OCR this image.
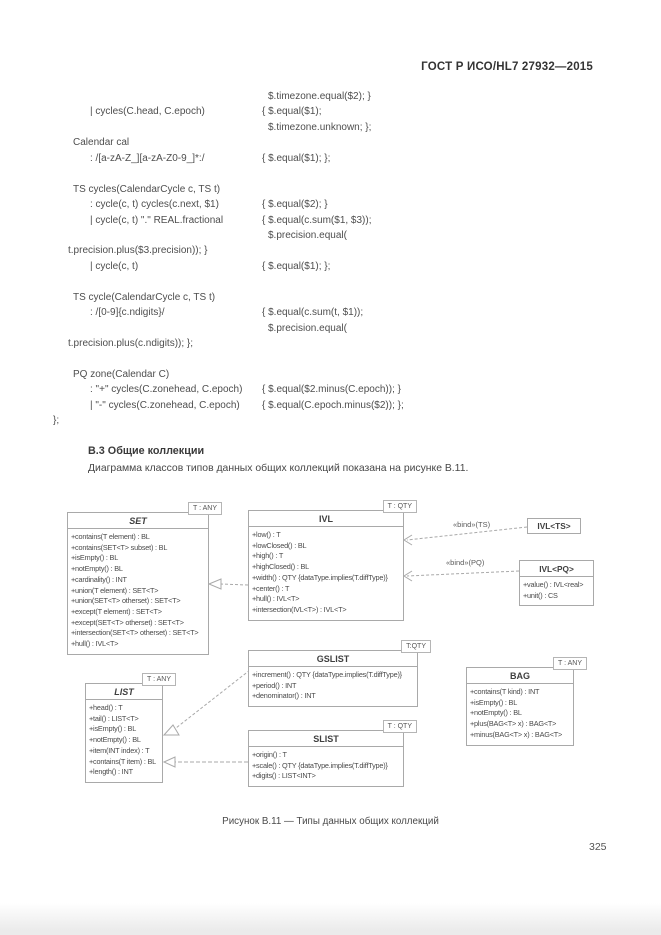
ГОСТ Р ИСО/HL7 27932—2015
$.timezone.equal($2); }
| cycles(C.head, C.epoch)	{ $.equal($1);
$.timezone.unknown; };
Calendar cal
: /[a-zA-Z_][a-zA-Z0-9_]*:/	{ $.equal($1); };
TS cycles(CalendarCycle c, TS t)
: cycle(c, t) cycles(c.next, $1)	{ $.equal($2); }
| cycle(c, t) "." REAL.fractional	{ $.equal(c.sum($1, $3));
$.precision.equal(
t.precision.plus($3.precision)); }
| cycle(c, t)	{ $.equal($1); };
TS cycle(CalendarCycle c, TS t)
: /[0-9]{c.ndigits}/	{ $.equal(c.sum(t, $1));
$.precision.equal(
t.precision.plus(c.ndigits)); };
PQ zone(Calendar C)
: "+" cycles(C.zonehead, C.epoch) { $.equal($2.minus(C.epoch)); }
| "-" cycles(C.zonehead, C.epoch) { $.equal(C.epoch.minus($2)); };
};
В.3 Общие коллекции
Диаграмма классов типов данных общих коллекций показана на рисунке В.11.
T : ANY
SET
+contains(T element) : BL
+contains(SET<T> subset) : BL
+isEmpty() : BL
+notEmpty() : BL
+cardinality() : INT
+union(T element) : SET<T>
+union(SET<T> otherset) : SET<T>
+except(T element) : SET<T>
+except(SET<T> otherset) : SET<T>
+intersection(SET<T> otherset) : SET<T>
+hull() : IVL<T>
T : QTY
IVL
+low() : T
+lowClosed() : BL
+high() : T
+highClosed() : BL
+width() : QTY {dataType.implies(T.diffType)}
+center() : T
+hull() : IVL<T>
+intersection(IVL<T>) : IVL<T>
IVL<TS>
IVL<PQ>
+value() : IVL<real>
+unit() : CS
T:QTY
GSLIST
+increment() : QTY {dataType.implies(T.diffType)}
+period() : INT
+denominator() : INT
T : QTY
SLIST
+origin() : T
+scale() : QTY {dataType.implies(T.diffType)}
+digits() : LIST<INT>
T : ANY
LIST
+head() : T
+tail() : LIST<T>
+isEmpty() : BL
+notEmpty() : BL
+item(INT index) : T
+contains(T item) : BL
+length() : INT
T : ANY
BAG
+contains(T kind) : INT
+isEmpty() : BL
+notEmpty() : BL
+plus(BAG<T> x) : BAG<T>
+minus(BAG<T> x) : BAG<T>
«bind»(TS)
«bind»(PQ)
Рисунок В.11 — Типы данных общих коллекций
325
